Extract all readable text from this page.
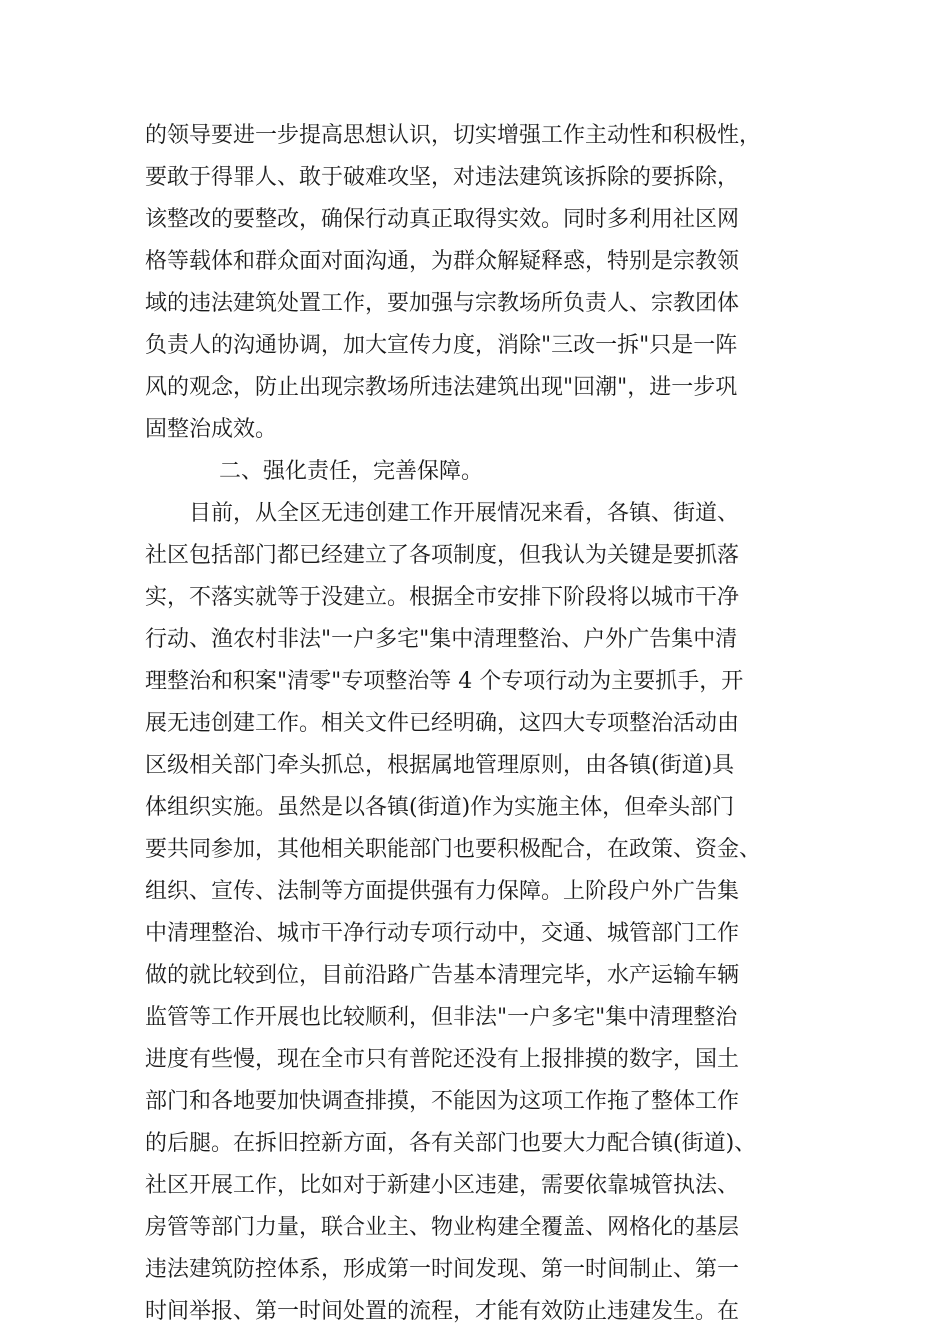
的领导要进一步提高思想认识，切实增强工作主动性和积极性，
要敢于得罪人、敢于破难攻坚，对违法建筑该拆除的要拆除，
该整改的要整改，确保行动真正取得实效。同时多利用社区网
格等载体和群众面对面沟通，为群众解疑释惑，特别是宗教领
域的违法建筑处置工作，要加强与宗教场所负责人、宗教团体
负责人的沟通协调，加大宣传力度，消除"三改一拆"只是一阵
风的观念，防止出现宗教场所违法建筑出现"回潮"，进一步巩
固整治成效。
二、强化责任，完善保障。
目前，从全区无违创建工作开展情况来看，各镇、街道、
社区包括部门都已经建立了各项制度，但我认为关键是要抓落
实，不落实就等于没建立。根据全市安排下阶段将以城市干净
行动、渔农村非法"一户多宅"集中清理整治、户外广告集中清
理整治和积案"清零"专项整治等 4 个专项行动为主要抓手，开
展无违创建工作。相关文件已经明确，这四大专项整治活动由
区级相关部门牵头抓总，根据属地管理原则，由各镇(街道)具
体组织实施。虽然是以各镇(街道)作为实施主体，但牵头部门
要共同参加，其他相关职能部门也要积极配合，在政策、资金、
组织、宣传、法制等方面提供强有力保障。上阶段户外广告集
中清理整治、城市干净行动专项行动中，交通、城管部门工作
做的就比较到位，目前沿路广告基本清理完毕，水产运输车辆
监管等工作开展也比较顺利，但非法"一户多宅"集中清理整治
进度有些慢，现在全市只有普陀还没有上报排摸的数字，国土
部门和各地要加快调查排摸，不能因为这项工作拖了整体工作
的后腿。在拆旧控新方面，各有关部门也要大力配合镇(街道)、
社区开展工作，比如对于新建小区违建，需要依靠城管执法、
房管等部门力量，联合业主、物业构建全覆盖、网格化的基层
违法建筑防控体系，形成第一时间发现、第一时间制止、第一
时间举报、第一时间处置的流程，才能有效防止违建发生。在
